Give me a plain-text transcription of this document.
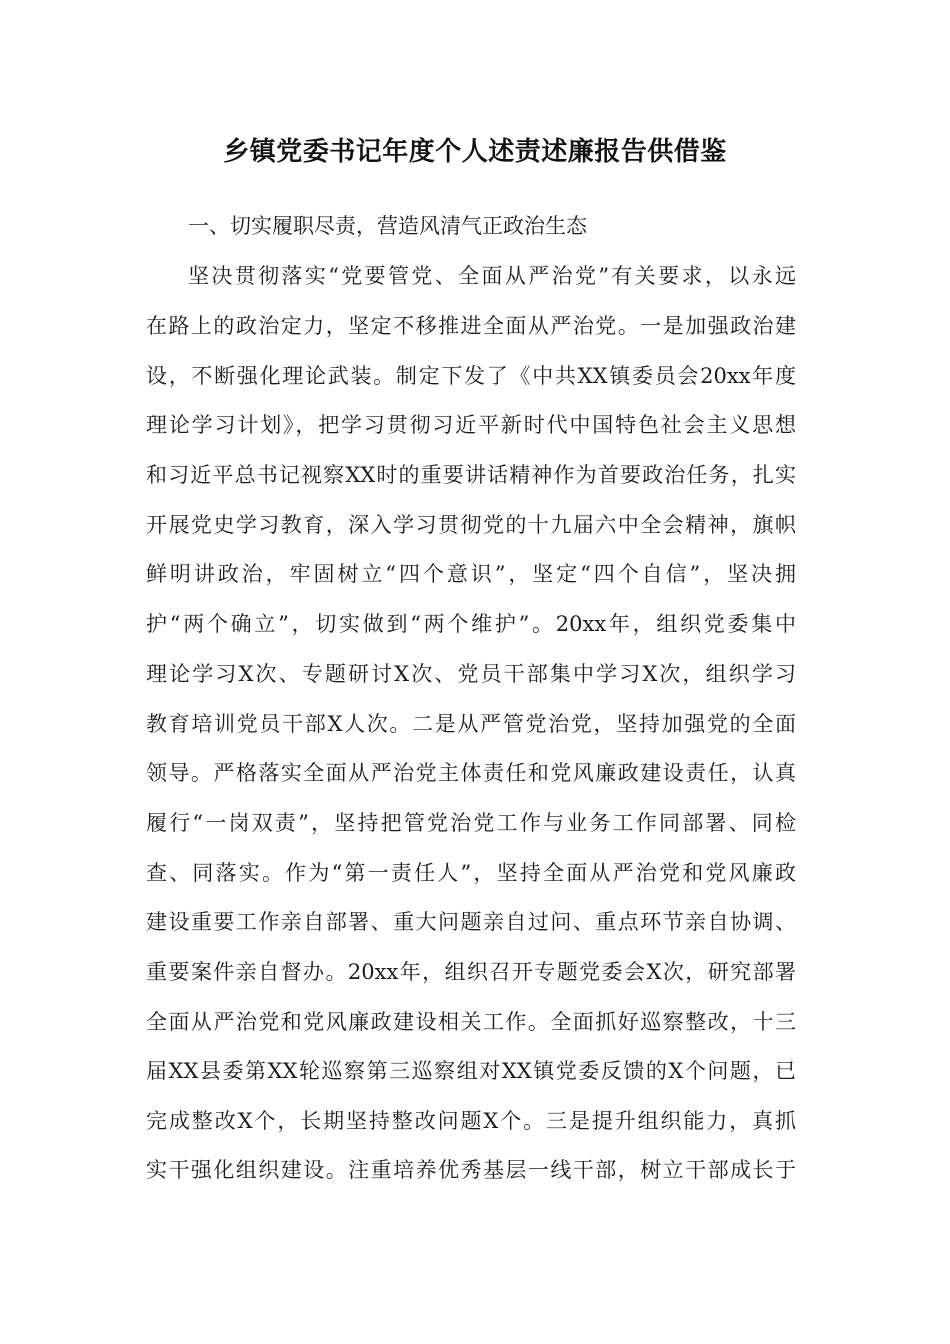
乡镇党委书记年度个人述责述廉报告供借鉴

一、切实履职尽责，营造风清气正政治生态

坚决贯彻落实“党要管党、全面从严治党”有关要求，以永远

在路上的政治定力，坚定不移推进全面从严治党。一是加强政治建

设，不断强化理论武装。制定下发了《中共XX镇委员会20xx年度

理论学习计划》，把学习贯彻习近平新时代中国特色社会主义思想

和习近平总书记视察XX时的重要讲话精神作为首要政治任务，扎实

开展党史学习教育，深入学习贯彻党的十九届六中全会精神，旗帜

鲜明讲政治，牢固树立“四个意识”，坚定“四个自信”，坚决拥

护“两个确立”，切实做到“两个维护”。20xx年，组织党委集中

理论学习X次、专题研讨X次、党员干部集中学习X次，组织学习

教育培训党员干部X人次。二是从严管党治党，坚持加强党的全面

领导。严格落实全面从严治党主体责任和党风廉政建设责任，认真

履行“一岗双责”，坚持把管党治党工作与业务工作同部署、同检

查、同落实。作为“第一责任人”，坚持全面从严治党和党风廉政

建设重要工作亲自部署、重大问题亲自过问、重点环节亲自协调、

重要案件亲自督办。20xx年，组织召开专题党委会X次，研究部署

全面从严治党和党风廉政建设相关工作。全面抓好巡察整改，十三

届XX县委第XX轮巡察第三巡察组对XX镇党委反馈的X个问题，已

完成整改X个，长期坚持整改问题X个。三是提升组织能力，真抓

实干强化组织建设。注重培养优秀基层一线干部，树立干部成长于
